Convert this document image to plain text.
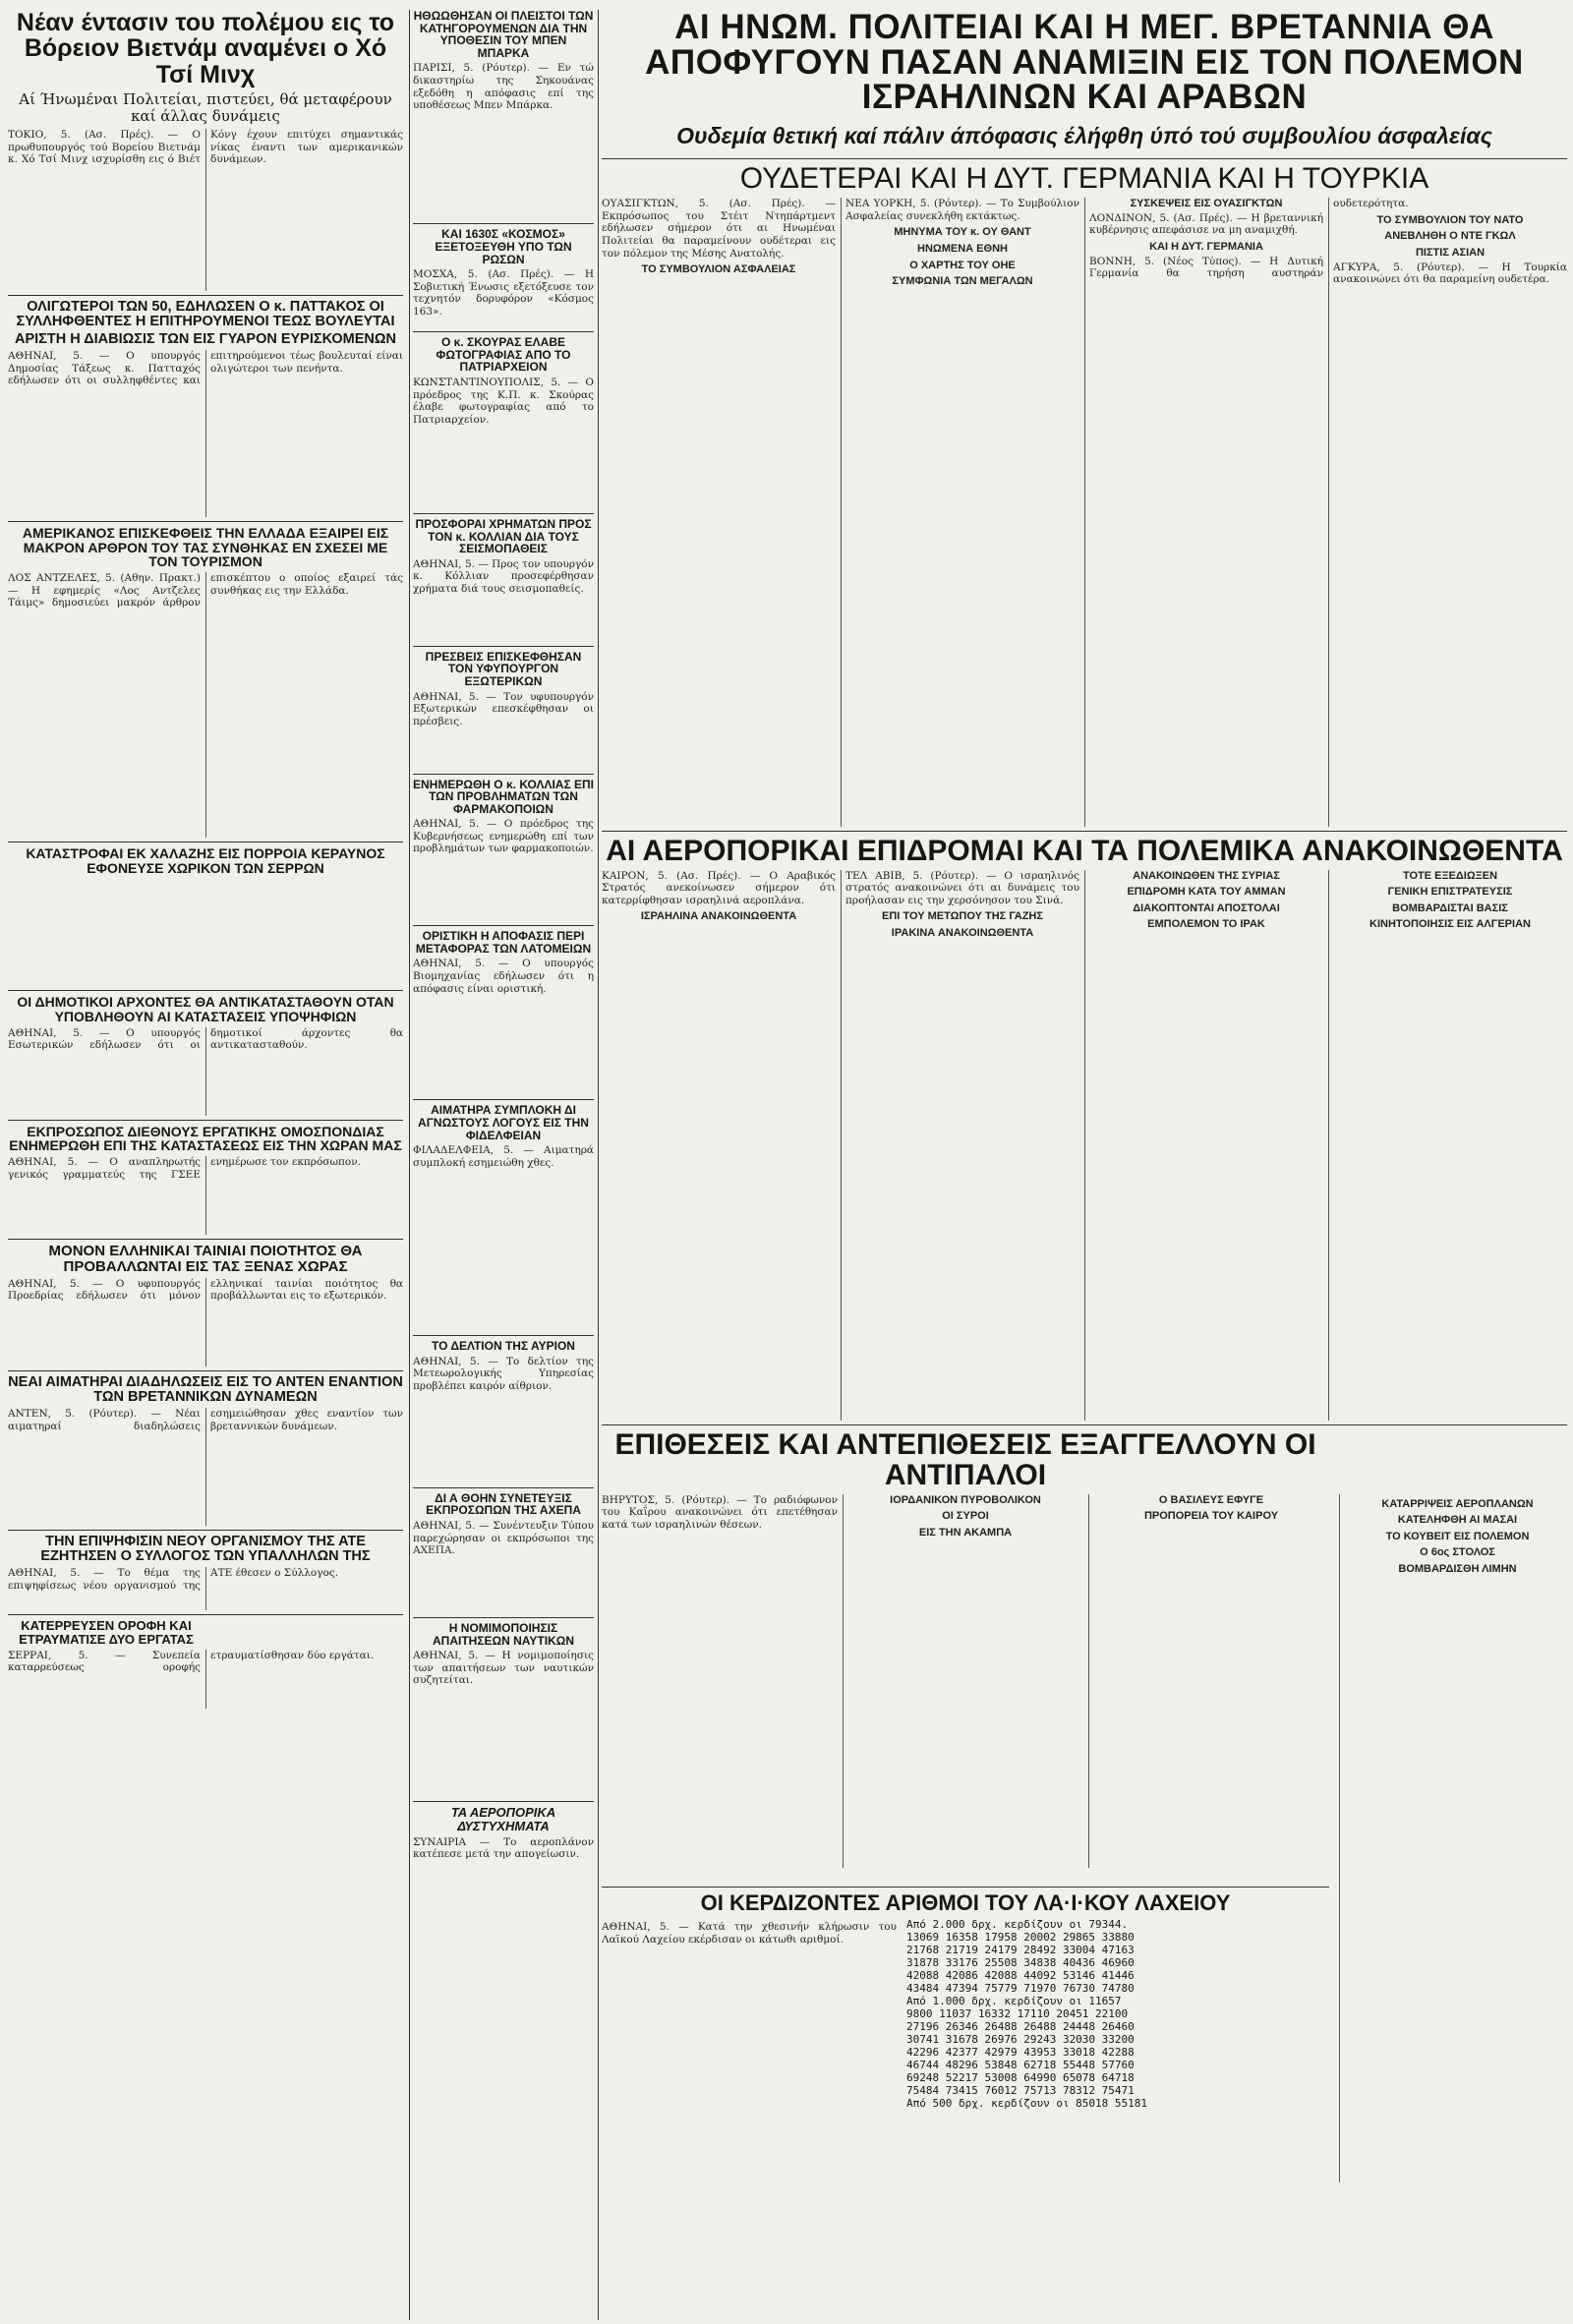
Νέαν έντασιν του πολέμου εις το Βόρειον Βιετνάμ αναμένει ο Χό Τσί Μινχ
Αί Ήνωμέναι Πολιτείαι, πιστεύει, θά μεταφέρουν καί άλλας δυνάμεις
ΤΟΚΙΟ, 5. (Ασ. Πρές). — Ο πρωθυπουργός τού Βορείου Βιετνάμ κ. Χό Τσί Μινχ ισχυρίσθη εις ό Βιέτ Κόνγ έχουν επιτύχει σημαντικάς νίκας έναντι των αμερικανικών δυνάμεων.
ΟΛΙΓΩΤΕΡΟΙ ΤΩΝ 50, ΕΔΗΛΩΣΕΝ Ο κ. ΠΑΤΤΑΚΟΣ ΟΙ ΣΥΛΛΗΦΘΕΝΤΕΣ Η ΕΠΙΤΗΡΟΥΜΕΝΟΙ ΤΕΩΣ ΒΟΥΛΕΥΤΑΙ
ΑΡΙΣΤΗ Η ΔΙΑΒΙΩΣΙΣ ΤΩΝ ΕΙΣ ΓΥΑΡΟΝ ΕΥΡΙΣΚΟΜΕΝΩΝ
ΑΘΗΝΑΙ, 5. — Ο υπουργός Δημοσίας Τάξεως κ. Πατταχός εδήλωσεν ότι οι συλληφθέντες και επιτηρούμενοι τέως βουλευταί είναι ολιγώτεροι των πενήντα.
ΑΜΕΡΙΚΑΝΟΣ ΕΠΙΣΚΕΦΘΕΙΣ ΤΗΝ ΕΛΛΑΔΑ ΕΞΑΙΡΕΙ ΕΙΣ ΜΑΚΡΟΝ ΑΡΘΡΟΝ ΤΟΥ ΤΑΣ ΣΥΝΘΗΚΑΣ ΕΝ ΣΧΕΣΕΙ ΜΕ ΤΟΝ ΤΟΥΡΙΣΜΟΝ
ΛΟΣ ΑΝΤΖΕΛΕΣ, 5. (Αθην. Πρακτ.) — Η εφημερίς «Λος Αντζελες Τάιμς» δημοσιεύει μακρόν άρθρον επισκέπτου ο οποίος εξαιρεί τάς συνθήκας εις την Ελλάδα.
ΚΑΤΑΣΤΡΟΦΑΙ ΕΚ ΧΑΛΑΖΗΣ ΕΙΣ ΠΟΡΡΟΙΑ ΚΕΡΑΥΝΟΣ ΕΦΟΝΕΥΣΕ ΧΩΡΙΚΟΝ ΤΩΝ ΣΕΡΡΩΝ
ΟΙ ΔΗΜΟΤΙΚΟΙ ΑΡΧΟΝΤΕΣ ΘΑ ΑΝΤΙΚΑΤΑΣΤΑΘΟΥΝ ΟΤΑΝ ΥΠΟΒΛΗΘΟΥΝ ΑΙ ΚΑΤΑΣΤΑΣΕΙΣ ΥΠΟΨΗΦΙΩΝ
ΑΘΗΝΑΙ, 5. — Ο υπουργός Εσωτερικών εδήλωσεν ότι οι δημοτικοί άρχοντες θα αντικατασταθούν.
ΕΚΠΡΟΣΩΠΟΣ ΔΙΕΘΝΟΥΣ ΕΡΓΑΤΙΚΗΣ ΟΜΟΣΠΟΝΔΙΑΣ ΕΝΗΜΕΡΩΘΗ ΕΠΙ ΤΗΣ ΚΑΤΑΣΤΑΣΕΩΣ ΕΙΣ ΤΗΝ ΧΩΡΑΝ ΜΑΣ
ΑΘΗΝΑΙ, 5. — Ο αναπληρωτής γενικός γραμματεύς της ΓΣΕΕ ενημέρωσε τον εκπρόσωπον.
ΜΟΝΟΝ ΕΛΛΗΝΙΚΑΙ ΤΑΙΝΙΑΙ ΠΟΙΟΤΗΤΟΣ ΘΑ ΠΡΟΒΑΛΛΩΝΤΑΙ ΕΙΣ ΤΑΣ ΞΕΝΑΣ ΧΩΡΑΣ
ΑΘΗΝΑΙ, 5. — Ο υφυπουργός Προεδρίας εδήλωσεν ότι μόνον ελληνικαί ταινίαι ποιότητος θα προβάλλωνται εις το εξωτερικόν.
ΝΕΑΙ ΑΙΜΑΤΗΡΑΙ ΔΙΑΔΗΛΩΣΕΙΣ ΕΙΣ ΤΟ ΑΝΤΕΝ ΕΝΑΝΤΙΟΝ ΤΩΝ ΒΡΕΤΑΝΝΙΚΩΝ ΔΥΝΑΜΕΩΝ
ΑΝΤΕΝ, 5. (Ρόυτερ). — Νέαι αιματηραί διαδηλώσεις εσημειώθησαν χθες εναντίον των βρεταννικών δυνάμεων.
ΤΗΝ ΕΠΙΨΗΦΙΣΙΝ ΝΕΟΥ ΟΡΓΑΝΙΣΜΟΥ ΤΗΣ ΑΤΕ ΕΖΗΤΗΣΕΝ Ο ΣΥΛΛΟΓΟΣ ΤΩΝ ΥΠΑΛΛΗΛΩΝ ΤΗΣ
ΑΘΗΝΑΙ, 5. — Το θέμα της επιψηφίσεως νέου οργανισμού της ΑΤΕ έθεσεν ο Σύλλογος.
ΚΑΤΕΡΡΕΥΣΕΝ ΟΡΟΦΗ ΚΑΙ ΕΤΡΑΥΜΑΤΙΣΕ ΔΥΟ ΕΡΓΑΤΑΣ
ΣΕΡΡΑΙ, 5. — Συνεπεία καταρρεύσεως οροφής ετραυματίσθησαν δύο εργάται.
ΗΘΩΩΘΗΣΑΝ ΟΙ ΠΛΕΙΣΤΟΙ ΤΩΝ ΚΑΤΗΓΟΡΟΥΜΕΝΩΝ ΔΙΑ ΤΗΝ ΥΠΟΘΕΣΙΝ ΤΟΥ ΜΠΕΝ ΜΠΑΡΚΑ
ΠΑΡΙΣΙ, 5. (Ρόυτερ). — Εν τώ δικαστηρίω της Σηκουάνας εξεδόθη η απόφασις επί της υποθέσεως Μπεν Μπάρκα.
ΚΑΙ 1630Σ «ΚΟΣΜΟΣ» ΕΞΕΤΟΞΕΥΘΗ ΥΠΟ ΤΩΝ ΡΩΣΩΝ
ΜΟΣΧΑ, 5. (Ασ. Πρές). — Η Σοβιετική Ένωσις εξετόξευσε τον τεχνητόν δορυφόρον «Κόσμος 163».
Ο κ. ΣΚΟΥΡΑΣ ΕΛΑΒΕ ΦΩΤΟΓΡΑΦΙΑΣ ΑΠΟ ΤΟ ΠΑΤΡΙΑΡΧΕΙΟΝ
ΚΩΝΣΤΑΝΤΙΝΟΥΠΟΛΙΣ, 5. — Ο πρόεδρος της Κ.Π. κ. Σκούρας έλαβε φωτογραφίας από το Πατριαρχείον.
ΠΡΟΣΦΟΡΑΙ ΧΡΗΜΑΤΩΝ ΠΡΟΣ ΤΟΝ κ. ΚΟΛΛΙΑΝ ΔΙΑ ΤΟΥΣ ΣΕΙΣΜΟΠΑΘΕΙΣ
ΑΘΗΝΑΙ, 5. — Προς τον υπουργόν κ. Κόλλιαν προσεφέρθησαν χρήματα διά τους σεισμοπαθείς.
ΠΡΕΣΒΕΙΣ ΕΠΙΣΚΕΦΘΗΣΑΝ ΤΟΝ ΥΦΥΠΟΥΡΓΟΝ ΕΞΩΤΕΡΙΚΩΝ
ΑΘΗΝΑΙ, 5. — Τον υφυπουργόν Εξωτερικών επεσκέφθησαν οι πρέσβεις.
ΕΝΗΜΕΡΩΘΗ Ο κ. ΚΟΛΛΙΑΣ ΕΠΙ ΤΩΝ ΠΡΟΒΛΗΜΑΤΩΝ ΤΩΝ ΦΑΡΜΑΚΟΠΟΙΩΝ
ΑΘΗΝΑΙ, 5. — Ο πρόεδρος της Κυβερνήσεως ενημερώθη επί των προβλημάτων των φαρμακοποιών.
ΟΡΙΣΤΙΚΗ Η ΑΠΟΦΑΣΙΣ ΠΕΡΙ ΜΕΤΑΦΟΡΑΣ ΤΩΝ ΛΑΤΟΜΕΙΩΝ
ΑΘΗΝΑΙ, 5. — Ο υπουργός Βιομηχανίας εδήλωσεν ότι η απόφασις είναι οριστική.
ΑΙΜΑΤΗΡΑ ΣΥΜΠΛΟΚΗ ΔΙ ΑΓΝΩΣΤΟΥΣ ΛΟΓΟΥΣ ΕΙΣ ΤΗΝ ΦΙΔΕΛΦΕΙΑΝ
ΦΙΛΑΔΕΛΦΕΙΑ, 5. — Αιματηρά συμπλοκή εσημειώθη χθες.
ΤΟ ΔΕΛΤΙΟΝ ΤΗΣ ΑΥΡΙΟΝ
ΑΘΗΝΑΙ, 5. — Το δελτίον της Μετεωρολογικής Υπηρεσίας προβλέπει καιρόν αίθριον.
ΔΙ Α ΘΟΗΝ ΣΥΝΕΤΕΥΞΙΣ ΕΚΠΡΟΣΩΠΩΝ ΤΗΣ ΑΧΕΠΑ
ΑΘΗΝΑΙ, 5. — Συνέντευξιν Τύπου παρεχώρησαν οι εκπρόσωποι της ΑΧΕΠΑ.
Η ΝΟΜΙΜΟΠΟΙΗΣΙΣ ΑΠΑΙΤΗΣΕΩΝ ΝΑΥΤΙΚΩΝ
ΑΘΗΝΑΙ, 5. — Η νομιμοποίησις των απαιτήσεων των ναυτικών συζητείται.
ΤΑ ΑΕΡΟΠΟΡΙΚΑ ΔΥΣΤΥΧΗΜΑΤΑ
ΣΥΝΑΙΡΙΑ — Το αεροπλάνον κατέπεσε μετά την απογείωσιν.
ΑΙ ΗΝΩΜ. ΠΟΛΙΤΕΙΑΙ ΚΑΙ Η ΜΕΓ. ΒΡΕΤΑΝΝΙΑ ΘΑ ΑΠΟΦΥΓΟΥΝ ΠΑΣΑΝ ΑΝΑΜΙΞΙΝ ΕΙΣ ΤΟΝ ΠΟΛΕΜΟΝ ΙΣΡΑΗΛΙΝΩΝ ΚΑΙ ΑΡΑΒΩΝ
Ουδεμία θετική καί πάλιν άπόφασις έλήφθη ύπό τού συμβουλίου άσφαλείας
ΟΥΔΕΤΕΡΑΙ ΚΑΙ Η ΔΥΤ. ΓΕΡΜΑΝΙΑ ΚΑΙ Η ΤΟΥΡΚΙΑ

ΟΥΑΣΙΓΚΤΩΝ, 5. (Ασ. Πρές). — Εκπρόσωπος του Στέιτ Ντηπάρτμεντ εδήλωσεν σήμερον ότι αι Ηνωμέναι Πολιτείαι θα παραμείνουν ουδέτεραι εις τον πόλεμον της Μέσης Ανατολής.

ΤΟ ΣΥΜΒΟΥΛΙΟΝ ΑΣΦΑΛΕΙΑΣ

ΝΕΑ ΥΟΡΚΗ, 5. (Ρόυτερ). — Το Συμβούλιον Ασφαλείας συνεκλήθη εκτάκτως.

ΜΗΝΥΜΑ ΤΟΥ κ. ΟΥ ΘΑΝΤ
ΗΝΩΜΕΝΑ ΕΘΝΗ
Ο ΧΑΡΤΗΣ ΤΟΥ ΟΗΕ
ΣΥΜΦΩΝΙΑ ΤΩΝ ΜΕΓΑΛΩΝ
ΣΥΣΚΕΨΕΙΣ ΕΙΣ ΟΥΑΣΙΓΚΤΩΝ

ΛΟΝΔΙΝΟΝ, 5. (Ασ. Πρές). — Η βρεταννική κυβέρνησις απεφάσισε να μη αναμιχθή.

ΚΑΙ Η ΔΥΤ. ΓΕΡΜΑΝΙΑ

ΒΟΝΝΗ, 5. (Νέος Τύπος). — Η Δυτική Γερμανία θα τηρήση αυστηράν ουδετερότητα.

ΤΟ ΣΥΜΒΟΥΛΙΟΝ ΤΟΥ ΝΑΤΟ
ΑΝΕΒΛΗΘΗ Ο ΝΤΕ ΓΚΩΛ
ΠΙΣΤΙΣ ΑΣΙΑΝ

ΑΓΚΥΡΑ, 5. (Ρόυτερ). — Η Τουρκία ανακοινώνει ότι θα παραμείνη ουδετέρα.

ΑΙ ΑΕΡΟΠΟΡΙΚΑΙ ΕΠΙΔΡΟΜΑΙ ΚΑΙ ΤΑ ΠΟΛΕΜΙΚΑ ΑΝΑΚΟΙΝΩΘΕΝΤΑ

ΚΑΙΡΟΝ, 5. (Ασ. Πρές). — Ο Αραβικός Στρατός ανεκοίνωσεν σήμερον ότι κατερρίφθησαν ισραηλινά αεροπλάνα.

ΙΣΡΑΗΛΙΝΑ ΑΝΑΚΟΙΝΩΘΕΝΤΑ

ΤΕΛ ΑΒΙΒ, 5. (Ρόυτερ). — Ο ισραηλινός στρατός ανακοινώνει ότι αι δυνάμεις του προήλασαν εις την χερσόνησον του Σινά.

ΕΠΙ ΤΟΥ ΜΕΤΩΠΟΥ ΤΗΣ ΓΑΖΗΣ
ΙΡΑΚΙΝΑ ΑΝΑΚΟΙΝΩΘΕΝΤΑ
ΑΝΑΚΟΙΝΩΘΕΝ ΤΗΣ ΣΥΡΙΑΣ
ΕΠΙΔΡΟΜΗ ΚΑΤΑ ΤΟΥ ΑΜΜΑΝ
ΔΙΑΚΟΠΤΟΝΤΑΙ ΑΠΟΣΤΟΛΑΙ
ΕΜΠΟΛΕΜΟΝ ΤΟ ΙΡΑΚ
ΤΟΤΕ ΕΞΕΔΙΩΞΕΝ
ΓΕΝΙΚΗ ΕΠΙΣΤΡΑΤΕΥΣΙΣ
ΒΟΜΒΑΡΔΙΣΤΑΙ ΒΑΣΙΣ
ΚΙΝΗΤΟΠΟΙΗΣΙΣ ΕΙΣ ΑΛΓΕΡΙΑΝ
ΕΠΙΘΕΣΕΙΣ ΚΑΙ ΑΝΤΕΠΙΘΕΣΕΙΣ ΕΞΑΓΓΕΛΛΟΥΝ ΟΙ ΑΝΤΙΠΑΛΟΙ

ΒΗΡΥΤΟΣ, 5. (Ρόυτερ). — Το ραδιόφωνον του Καΐρου ανακοινώνει ότι επετέθησαν κατά των ισραηλινών θέσεων.

ΙΟΡΔΑΝΙΚΟΝ ΠΥΡΟΒΟΛΙΚΟΝ
ΟΙ ΣΥΡΟΙ
ΕΙΣ ΤΗΝ ΑΚΑΜΠΑ
Ο ΒΑΣΙΛΕΥΣ ΕΦΥΓΕ
ΠΡΟΠΟΡΕΙΑ ΤΟΥ ΚΑΙΡΟΥ
ΚΑΤΑΡΡΙΨΕΙΣ ΑΕΡΟΠΛΑΝΩΝ
ΚΑΤΕΛΗΦΘΗ ΑΙ ΜΑΣΑΙ
ΤΟ ΚΟΥΒΕΙΤ ΕΙΣ ΠΟΛΕΜΟΝ
Ο 6ος ΣΤΟΛΟΣ
ΒΟΜΒΑΡΔΙΣΘΗ ΛΙΜΗΝ
ΟΙ ΚΕΡΔΙΖΟΝΤΕΣ ΑΡΙΘΜΟΙ ΤΟΥ ΛΑ·Ι·ΚΟΥ ΛΑΧΕΙΟΥ
ΑΘΗΝΑΙ, 5. — Κατά την χθεσινήν κλήρωσιν του Λαϊκού Λαχείου εκέρδισαν οι κάτωθι αριθμοί.
Από 2.000 δρχ. κερδίζουν οι 79344.
13069 16358 17958 20002 29865 33880
21768 21719 24179 28492 33004 47163
31878 33176 25508 34838 40436 46960
42088 42086 42088 44092 53146 41446
43484 47394 75779 71970 76730 74780
Από 1.000 δρχ. κερδίζουν οι 11657
9800 11037 16332 17110 20451 22100
27196 26346 26488 26488 24448 26460
30741 31678 26976 29243 32030 33200
42296 42377 42979 43953 33018 42288
46744 48296 53848 62718 55448 57760
69248 52217 53008 64990 65078 64718
75484 73415 76012 75713 78312 75471
Από 500 δρχ. κερδίζουν οι 85018 55181
